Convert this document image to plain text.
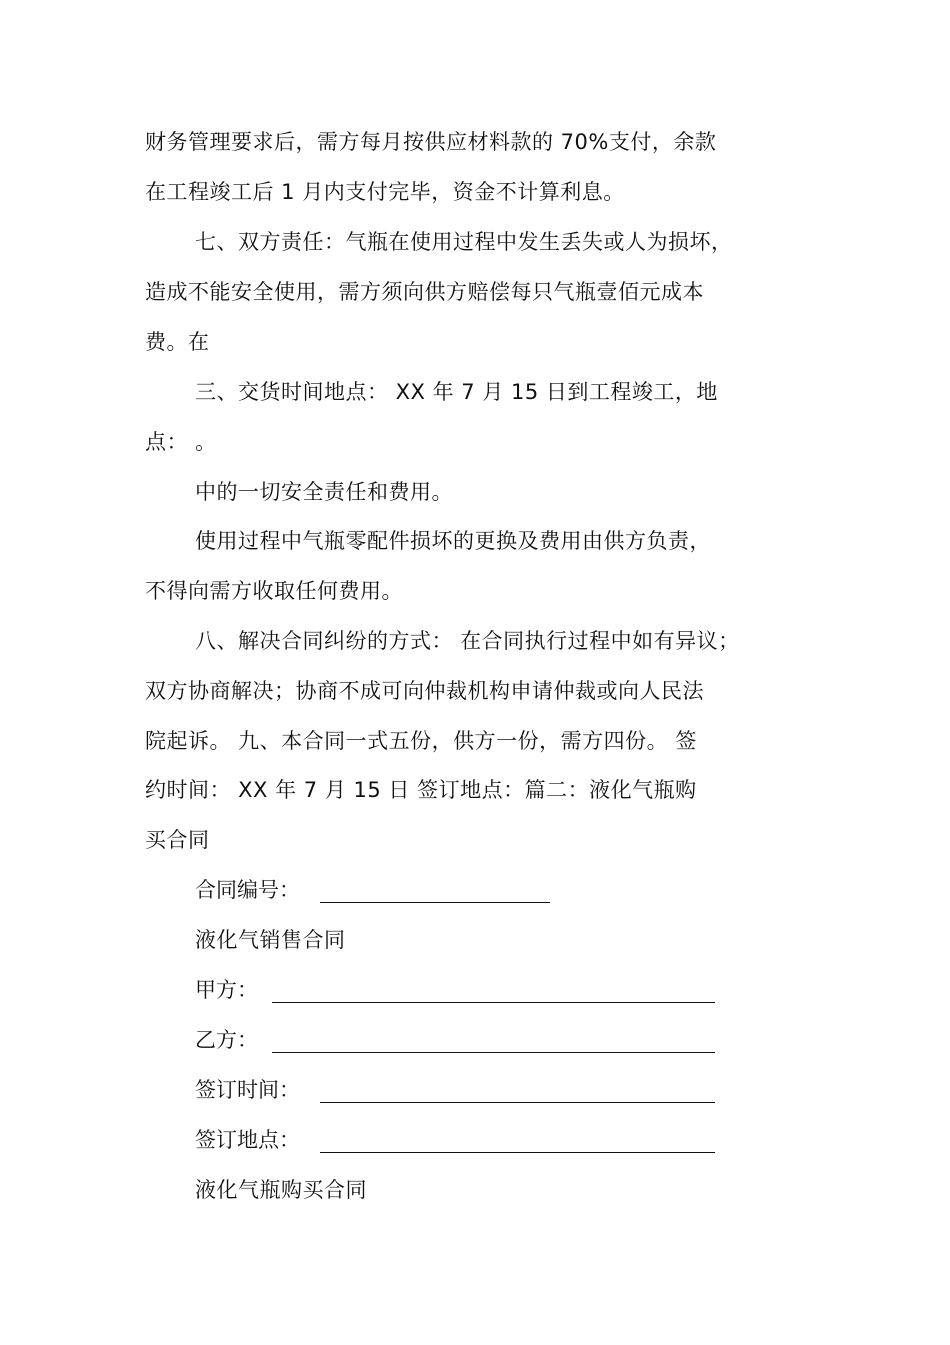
财务管理要求后，需方每月按供应材料款的 70%支付，余款
在工程竣工后 1 月内支付完毕，资金不计算利息。
七、双方责任：气瓶在使用过程中发生丢失或人为损坏，
造成不能安全使用，需方须向供方赔偿每只气瓶壹佰元成本
费。在
三、交货时间地点： XX 年 7 月 15 日到工程竣工，地
点： 。
中的一切安全责任和费用。
使用过程中气瓶零配件损坏的更换及费用由供方负责，
不得向需方收取任何费用。
八、解决合同纠纷的方式： 在合同执行过程中如有异议；
双方协商解决；协商不成可向仲裁机构申请仲裁或向人民法
院起诉。 九、本合同一式五份，供方一份，需方四份。 签
约时间： XX 年 7 月 15 日 签订地点：篇二：液化气瓶购
买合同
合同编号：
液化气销售合同
甲方：
乙方：
签订时间：
签订地点：
液化气瓶购买合同
